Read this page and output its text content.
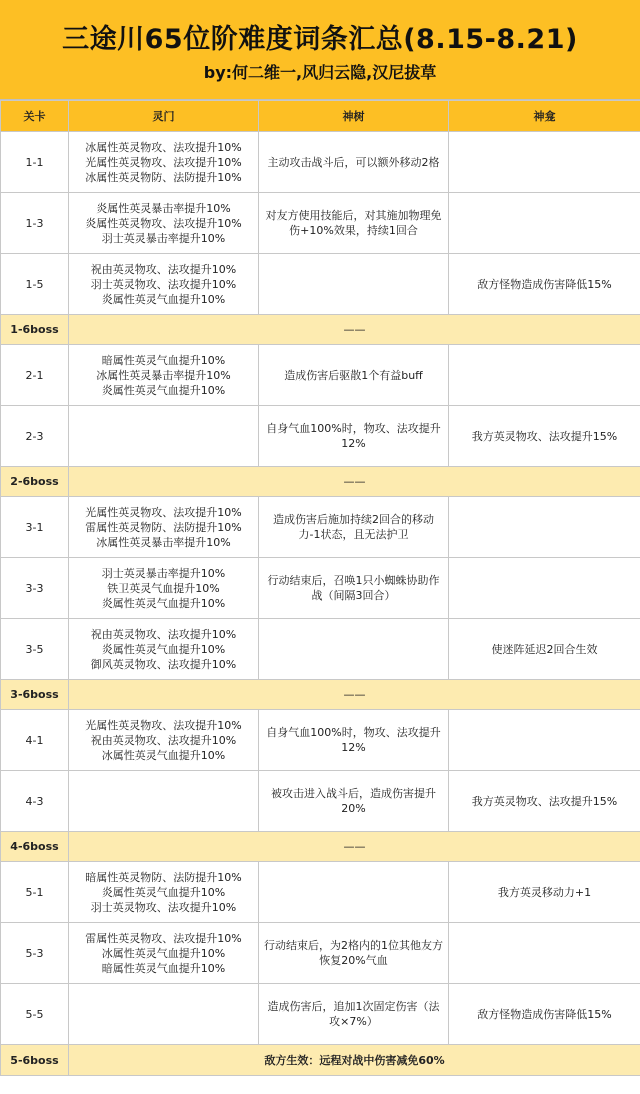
三途川65位阶难度词条汇总(8.15-8.21)
by:何二维一,风归云隐,汉尼拔草
关卡	灵门	神树	神龛
1-1	冰属性英灵物攻、法攻提升10%
光属性英灵物攻、法攻提升10%
冰属性英灵物防、法防提升10%	主动攻击战斗后，可以额外移动2格	
1-3	炎属性英灵暴击率提升10%
炎属性英灵物攻、法攻提升10%
羽士英灵暴击率提升10%	对友方使用技能后，对其施加物理免伤+10%效果，持续1回合	
1-5	祝由英灵物攻、法攻提升10%
羽士英灵物攻、法攻提升10%
炎属性英灵气血提升10%		敌方怪物造成伤害降低15%
1-6boss	——		
2-1	暗属性英灵气血提升10%
冰属性英灵暴击率提升10%
炎属性英灵气血提升10%	造成伤害后驱散1个有益buff	
2-3		自身气血100%时，物攻、法攻提升12%	我方英灵物攻、法攻提升15%
2-6boss	——		
3-1	光属性英灵物攻、法攻提升10%
雷属性英灵物防、法防提升10%
冰属性英灵暴击率提升10%	造成伤害后施加持续2回合的移动力-1状态，且无法护卫	
3-3	羽士英灵暴击率提升10%
铁卫英灵气血提升10%
炎属性英灵气血提升10%	行动结束后，召唤1只小蜘蛛协助作战（间隔3回合）	
3-5	祝由英灵物攻、法攻提升10%
炎属性英灵气血提升10%
御风英灵物攻、法攻提升10%		使迷阵延迟2回合生效
3-6boss	——		
4-1	光属性英灵物攻、法攻提升10%
祝由英灵物攻、法攻提升10%
冰属性英灵气血提升10%	自身气血100%时，物攻、法攻提升12%	
4-3		被攻击进入战斗后，造成伤害提升20%	我方英灵物攻、法攻提升15%
4-6boss	——		
5-1	暗属性英灵物防、法防提升10%
炎属性英灵气血提升10%
羽士英灵物攻、法攻提升10%		我方英灵移动力+1
5-3	雷属性英灵物攻、法攻提升10%
冰属性英灵气血提升10%
暗属性英灵气血提升10%	行动结束后，为2格内的1位其他友方恢复20%气血	
5-5		造成伤害后，追加1次固定伤害（法攻×7%）	敌方怪物造成伤害降低15%
5-6boss	敌方生效：远程对战中伤害减免60%		
